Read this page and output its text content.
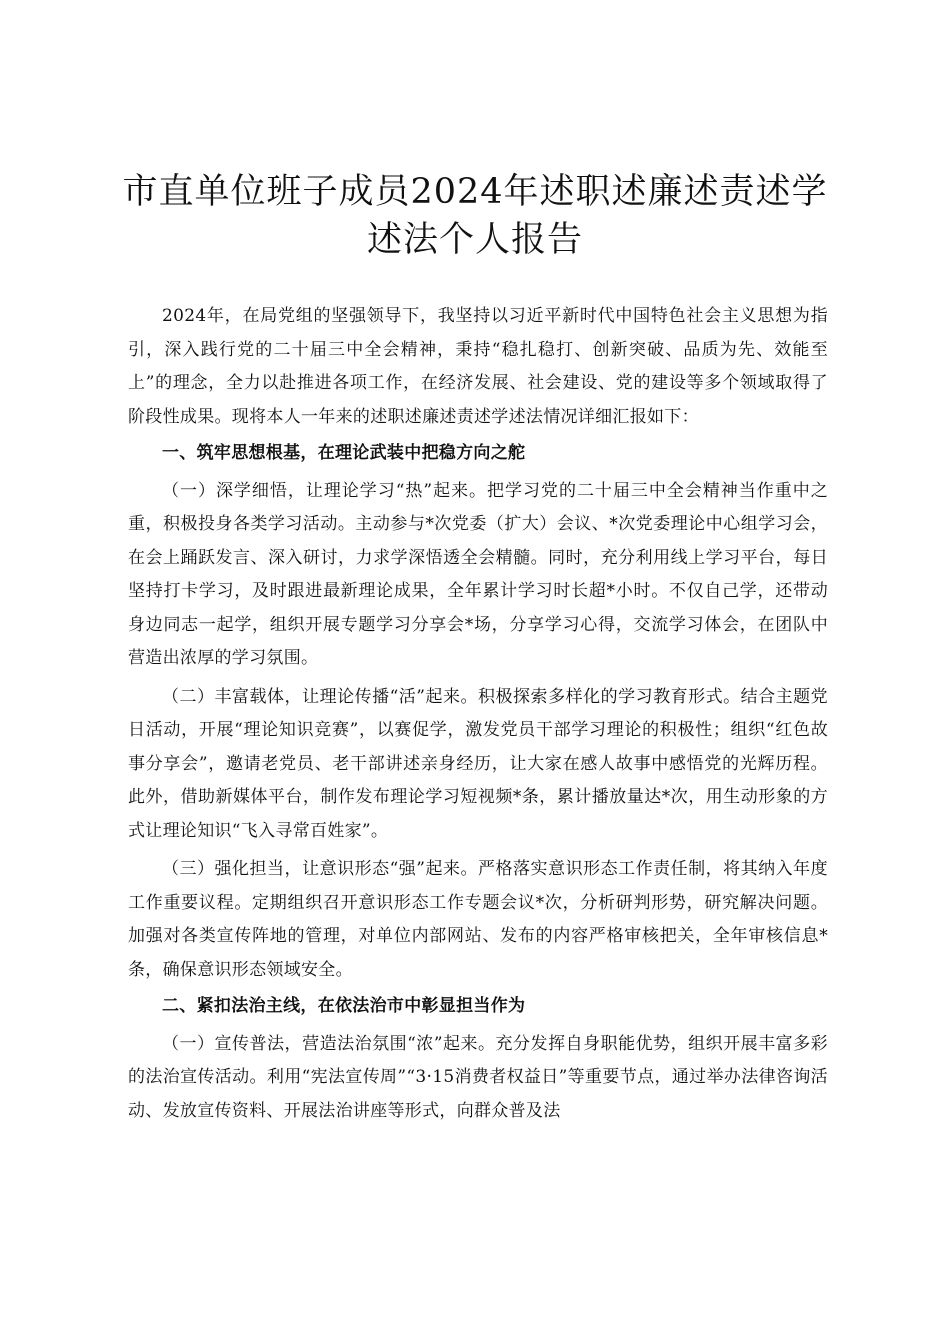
市直单位班子成员2024年述职述廉述责述学
述法个人报告

2024年，在局党组的坚强领导下，我坚持以习近平新时代中国特色社会主义思想为指引，深入践行党的二十届三中全会精神，秉持“稳扎稳打、创新突破、品质为先、效能至上”的理念，全力以赴推进各项工作，在经济发展、社会建设、党的建设等多个领域取得了阶段性成果。现将本人一年来的述职述廉述责述学述法情况详细汇报如下：

一、筑牢思想根基，在理论武装中把稳方向之舵

（一）深学细悟，让理论学习“热”起来。把学习党的二十届三中全会精神当作重中之重，积极投身各类学习活动。主动参与*次党委（扩大）会议、*次党委理论中心组学习会，在会上踊跃发言、深入研讨，力求学深悟透全会精髓。同时，充分利用线上学习平台，每日坚持打卡学习，及时跟进最新理论成果，全年累计学习时长超*小时。不仅自己学，还带动身边同志一起学，组织开展专题学习分享会*场，分享学习心得，交流学习体会，在团队中营造出浓厚的学习氛围。

（二）丰富载体，让理论传播“活”起来。积极探索多样化的学习教育形式。结合主题党日活动，开展“理论知识竞赛”，以赛促学，激发党员干部学习理论的积极性；组织“红色故事分享会”，邀请老党员、老干部讲述亲身经历，让大家在感人故事中感悟党的光辉历程。此外，借助新媒体平台，制作发布理论学习短视频*条，累计播放量达*次，用生动形象的方式让理论知识“飞入寻常百姓家”。

（三）强化担当，让意识形态“强”起来。严格落实意识形态工作责任制，将其纳入年度工作重要议程。定期组织召开意识形态工作专题会议*次，分析研判形势，研究解决问题。加强对各类宣传阵地的管理，对单位内部网站、发布的内容严格审核把关，全年审核信息*条，确保意识形态领域安全。

二、紧扣法治主线，在依法治市中彰显担当作为

（一）宣传普法，营造法治氛围“浓”起来。充分发挥自身职能优势，组织开展丰富多彩的法治宣传活动。利用“宪法宣传周”“3·15消费者权益日”等重要节点，通过举办法律咨询活动、发放宣传资料、开展法治讲座等形式，向群众普及法
